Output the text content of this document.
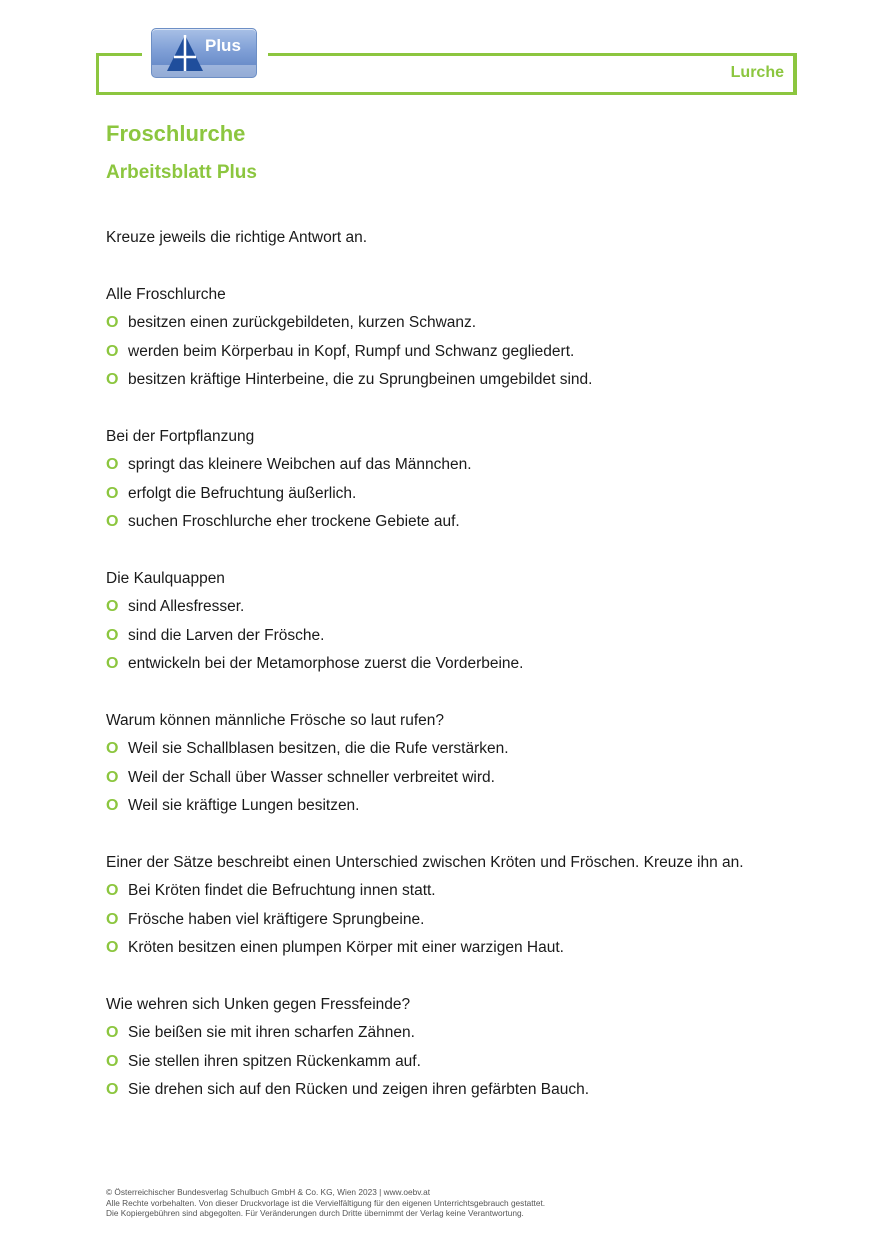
Plus
Lurche
Froschlurche
Arbeitsblatt Plus

Kreuze jeweils die richtige Antwort an.

Alle Froschlurche

O besitzen einen zurückgebildeten, kurzen Schwanz.
O werden beim Körperbau in Kopf, Rumpf und Schwanz gegliedert.
O besitzen kräftige Hinterbeine, die zu Sprungbeinen umgebildet sind.

Bei der Fortpflanzung

O springt das kleinere Weibchen auf das Männchen.
O erfolgt die Befruchtung äußerlich.
O suchen Froschlurche eher trockene Gebiete auf.

Die Kaulquappen

O sind Allesfresser.
O sind die Larven der Frösche.
O entwickeln bei der Metamorphose zuerst die Vorderbeine.

Warum können männliche Frösche so laut rufen?

O Weil sie Schallblasen besitzen, die die Rufe verstärken.
O Weil der Schall über Wasser schneller verbreitet wird.
O Weil sie kräftige Lungen besitzen.

Einer der Sätze beschreibt einen Unterschied zwischen Kröten und Fröschen. Kreuze ihn an.

O Bei Kröten findet die Befruchtung innen statt.
O Frösche haben viel kräftigere Sprungbeine.
O Kröten besitzen einen plumpen Körper mit einer warzigen Haut.

Wie wehren sich Unken gegen Fressfeinde?

O Sie beißen sie mit ihren scharfen Zähnen.
O Sie stellen ihren spitzen Rückenkamm auf.
O Sie drehen sich auf den Rücken und zeigen ihren gefärbten Bauch.

© Österreichischer Bundesverlag Schulbuch GmbH & Co. KG, Wien 2023 | www.oebv.at

Alle Rechte vorbehalten. Von dieser Druckvorlage ist die Vervielfältigung für den eigenen Unterrichtsgebrauch gestattet.

Die Kopiergebühren sind abgegolten. Für Veränderungen durch Dritte übernimmt der Verlag keine Verantwortung.
